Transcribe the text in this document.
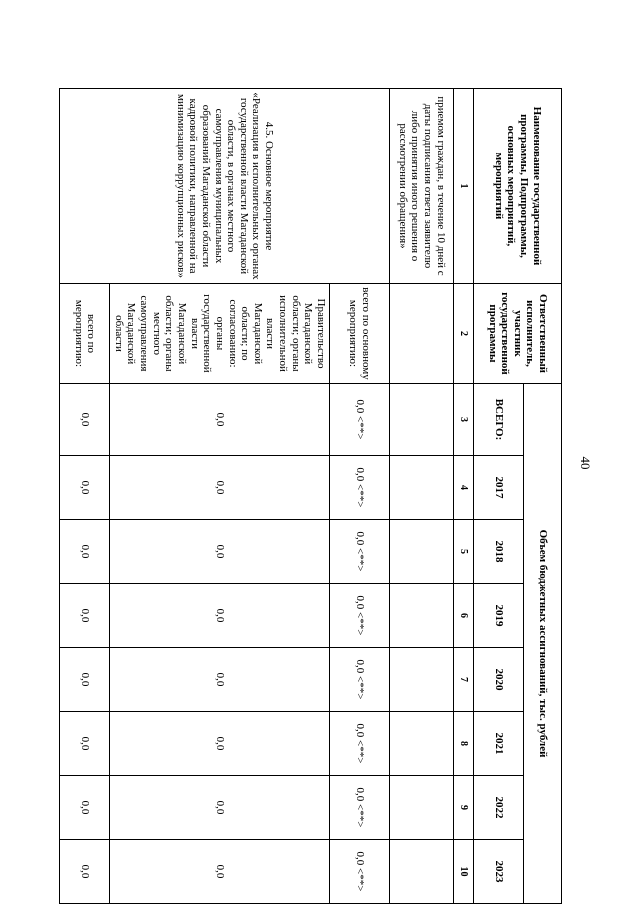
40
Наименование государственной программы, Подпрограммы, основных мероприятий, мероприятий	Ответственный исполнитель, участник государственной программы	Объем бюджетных ассигнований, тыс. рублей							
		ВСЕГО:	2017	2018	2019	2020	2021	2022	2023
1	2	3	4	5	6	7	8	9	10
приемом граждан, в течение 10 дней с даты подписания ответа заявителю либо принятия иного решения о рассмотрении обращения»									
4.5. Основное мероприятие «Реализация в исполнительных органах государственной власти Магаданской области, в органах местного самоуправления муниципальных образований Магаданской области кадровой политики, направленной на минимизацию коррупционных рисков»	всего по основному мероприятию:	0,0 <**>	0,0 <**>	0,0 <**>	0,0 <**>	0,0 <**>	0,0 <**>	0,0 <**>	0,0 <**>
	Правительство Магаданской области; органы исполнительной власти Магаданской области; по согласованию: органы государственной власти Магаданской области; органы местного самоуправления Магаданской области	0,0	0,0	0,0	0,0	0,0	0,0	0,0	0,0
	всего по мероприятию:	0,0	0,0	0,0	0,0	0,0	0,0	0,0	0,0
